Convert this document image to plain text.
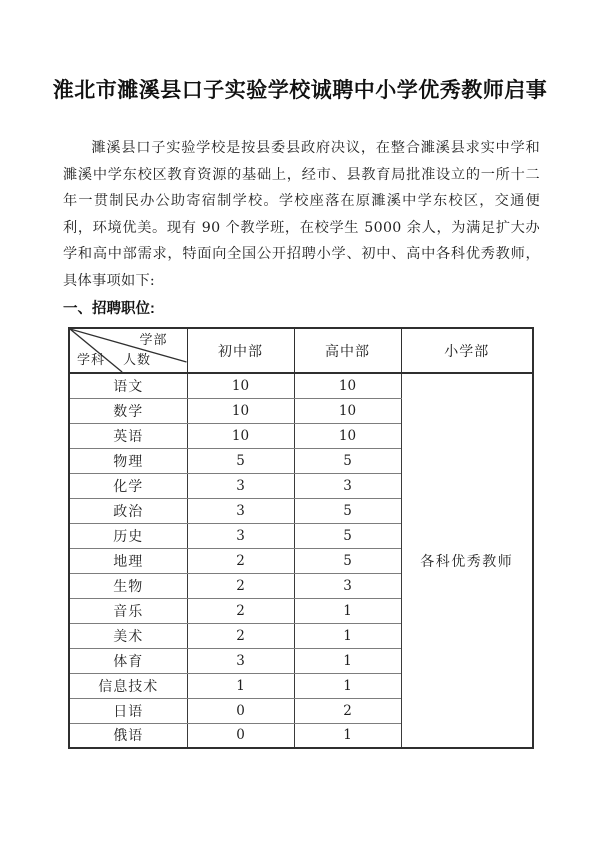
淮北市濉溪县口子实验学校诚聘中小学优秀教师启事

濉溪县口子实验学校是按县委县政府决议，在整合濉溪县求实中学和濉溪中学东校区教育资源的基础上，经市、县教育局批准设立的一所十二年一贯制民办公助寄宿制学校。学校座落在原濉溪中学东校区，交通便利，环境优美。现有 90 个教学班，在校学生 5000 余人，为满足扩大办学和高中部需求，特面向全国公开招聘小学、初中、高中各科优秀教师，具体事项如下:

一、招聘职位:
学部
人数
学科	初中部	高中部	小学部
语文	10	10	各科优秀教师
数学	10	10	
英语	10	10	
物理	5	5	
化学	3	3	
政治	3	5	
历史	3	5	
地理	2	5	
生物	2	3	
音乐	2	1	
美术	2	1	
体育	3	1	
信息技术	1	1	
日语	0	2	
俄语	0	1	
